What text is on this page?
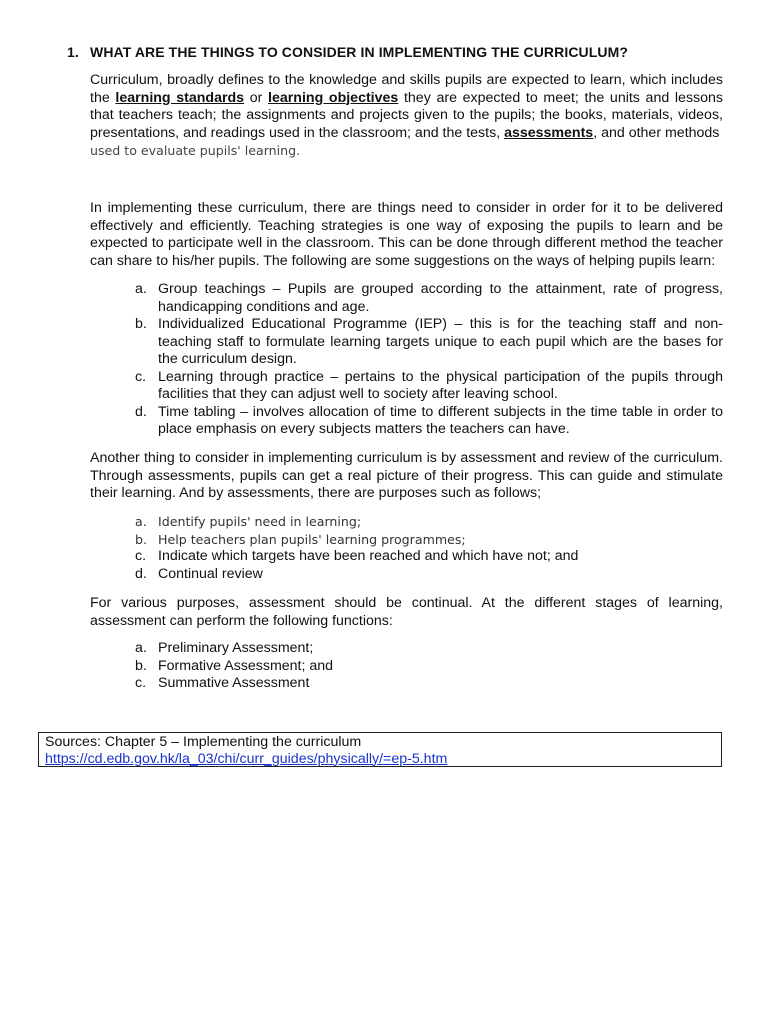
1. WHAT ARE THE THINGS TO CONSIDER IN IMPLEMENTING THE CURRICULUM?
Curriculum, broadly defines to the knowledge and skills pupils are expected to learn, which includes the learning standards or learning objectives they are expected to meet; the units and lessons that teachers teach; the assignments and projects given to the pupils; the books, materials, videos, presentations, and readings used in the classroom; and the tests, assessments, and other methods
used to evaluate pupils' learning.
In implementing these curriculum, there are things need to consider in order for it to be delivered effectively and efficiently. Teaching strategies is one way of exposing the pupils to learn and be expected to participate well in the classroom. This can be done through different method the teacher can share to his/her pupils. The following are some suggestions on the ways of helping pupils learn:
a. Group teachings – Pupils are grouped according to the attainment, rate of progress, handicapping conditions and age.
b. Individualized Educational Programme (IEP) – this is for the teaching staff and non-teaching staff to formulate learning targets unique to each pupil which are the bases for the curriculum design.
c. Learning through practice – pertains to the physical participation of the pupils through facilities that they can adjust well to society after leaving school.
d. Time tabling – involves allocation of time to different subjects in the time table in order to place emphasis on every subjects matters the teachers can have.
Another thing to consider in implementing curriculum is by assessment and review of the curriculum. Through assessments, pupils can get a real picture of their progress. This can guide and stimulate their learning. And by assessments, there are purposes such as follows;
a. Identify pupils' need in learning;
b. Help teachers plan pupils' learning programmes;
c. Indicate which targets have been reached and which have not; and
d. Continual review
For various purposes, assessment should be continual. At the different stages of learning, assessment can perform the following functions:
a. Preliminary Assessment;
b. Formative Assessment; and
c. Summative Assessment
Sources: Chapter 5 – Implementing the curriculum
https://cd.edb.gov.hk/la_03/chi/curr_guides/physically/=ep-5.htm
